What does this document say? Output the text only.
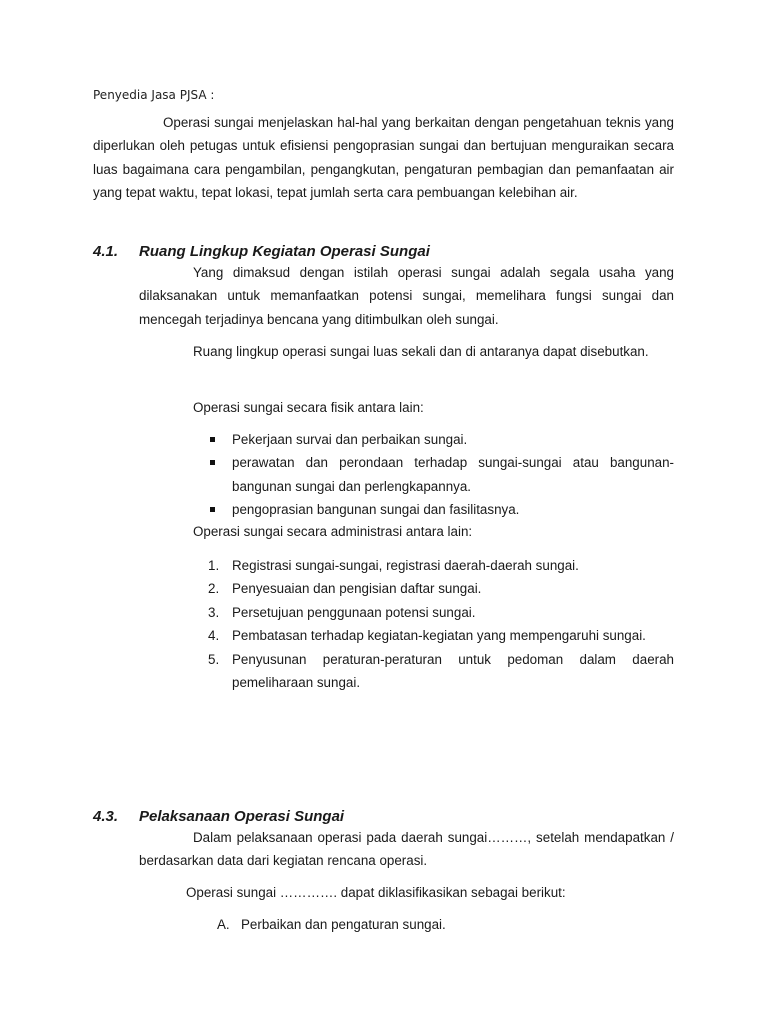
Penyedia Jasa PJSA :

Operasi sungai menjelaskan hal-hal yang berkaitan dengan pengetahuan teknis yang diperlukan oleh petugas untuk efisiensi pengoprasian sungai dan bertujuan menguraikan secara luas bagaimana cara pengambilan, pengangkutan, pengaturan pembagian dan pemanfaatan air yang tepat waktu, tepat lokasi, tepat jumlah serta cara pembuangan kelebihan air.

4.1. Ruang Lingkup Kegiatan Operasi Sungai

Yang dimaksud dengan istilah operasi sungai adalah segala usaha yang dilaksanakan untuk memanfaatkan potensi sungai, memelihara fungsi sungai dan mencegah terjadinya bencana yang ditimbulkan oleh sungai.

Ruang lingkup operasi sungai luas sekali dan di antaranya dapat disebutkan.

Operasi sungai secara fisik antara lain:

Pekerjaan survai dan perbaikan sungai.
perawatan dan perondaan terhadap sungai-sungai atau bangunan-bangunan sungai dan perlengkapannya.
pengoprasian bangunan sungai dan fasilitasnya.

Operasi sungai secara administrasi antara lain:

1. Registrasi sungai-sungai, registrasi daerah-daerah sungai.
2. Penyesuaian dan pengisian daftar sungai.
3. Persetujuan penggunaan potensi sungai.
4. Pembatasan terhadap kegiatan-kegiatan yang mempengaruhi sungai.
5. Penyusunan peraturan-peraturan untuk pedoman dalam daerah pemeliharaan sungai.
4.3. Pelaksanaan Operasi Sungai

Dalam pelaksanaan operasi pada daerah sungai………, setelah mendapatkan / berdasarkan data dari kegiatan rencana operasi.

Operasi sungai …………. dapat diklasifikasikan sebagai berikut:

A. Perbaikan dan pengaturan sungai.
